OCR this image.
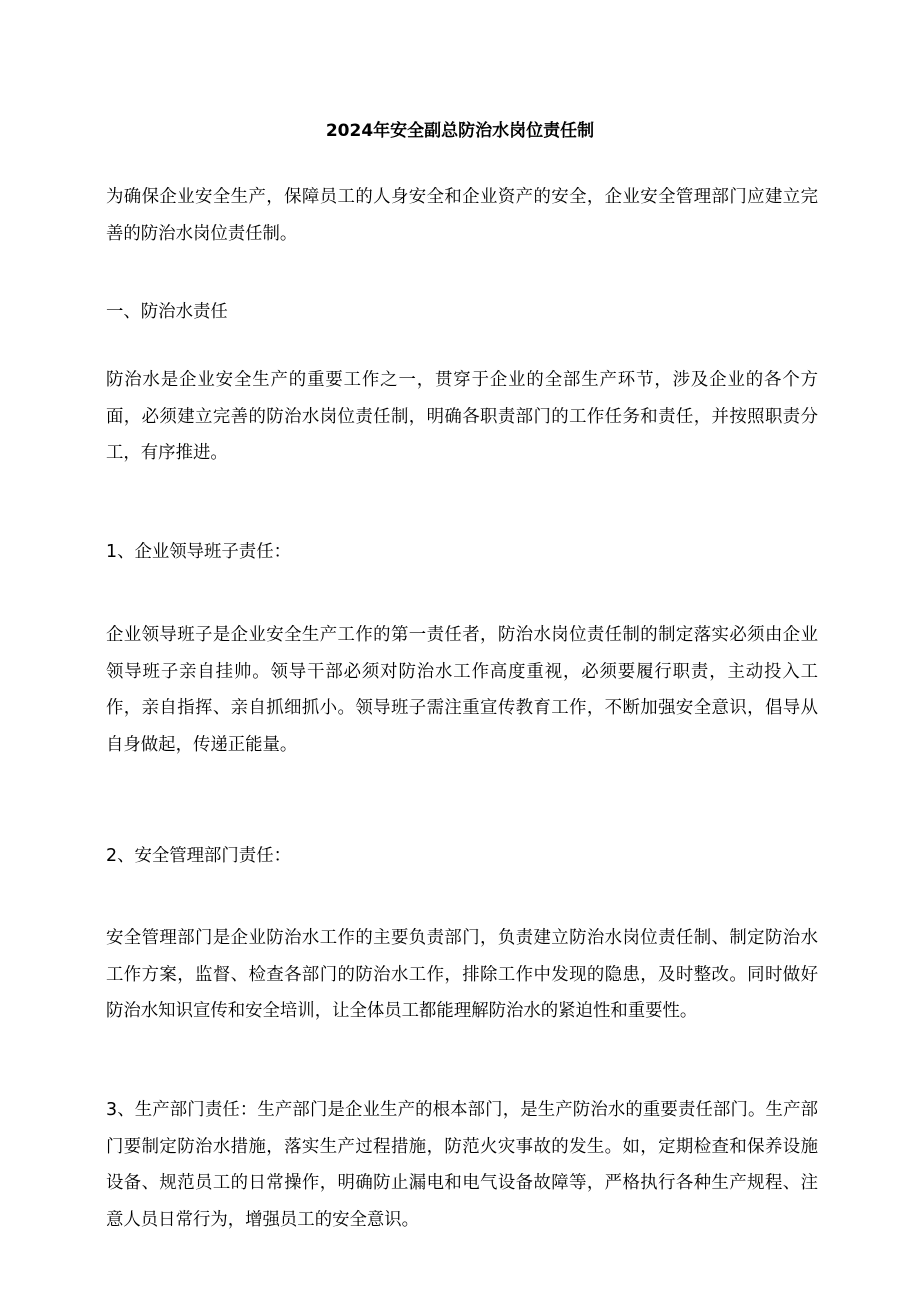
2024年安全副总防治水岗位责任制

为确保企业安全生产，保障员工的人身安全和企业资产的安全，企业安全管理部门应建立完善的防治水岗位责任制。

一、防治水责任

防治水是企业安全生产的重要工作之一，贯穿于企业的全部生产环节，涉及企业的各个方面，必须建立完善的防治水岗位责任制，明确各职责部门的工作任务和责任，并按照职责分工，有序推进。

1、企业领导班子责任：

企业领导班子是企业安全生产工作的第一责任者，防治水岗位责任制的制定落实必须由企业领导班子亲自挂帅。领导干部必须对防治水工作高度重视，必须要履行职责，主动投入工作，亲自指挥、亲自抓细抓小。领导班子需注重宣传教育工作，不断加强安全意识，倡导从自身做起，传递正能量。

2、安全管理部门责任：

安全管理部门是企业防治水工作的主要负责部门，负责建立防治水岗位责任制、制定防治水工作方案，监督、检查各部门的防治水工作，排除工作中发现的隐患，及时整改。同时做好防治水知识宣传和安全培训，让全体员工都能理解防治水的紧迫性和重要性。

3、生产部门责任：生产部门是企业生产的根本部门，是生产防治水的重要责任部门。生产部门要制定防治水措施，落实生产过程措施，防范火灾事故的发生。如，定期检查和保养设施设备、规范员工的日常操作，明确防止漏电和电气设备故障等，严格执行各种生产规程、注意人员日常行为，增强员工的安全意识。
